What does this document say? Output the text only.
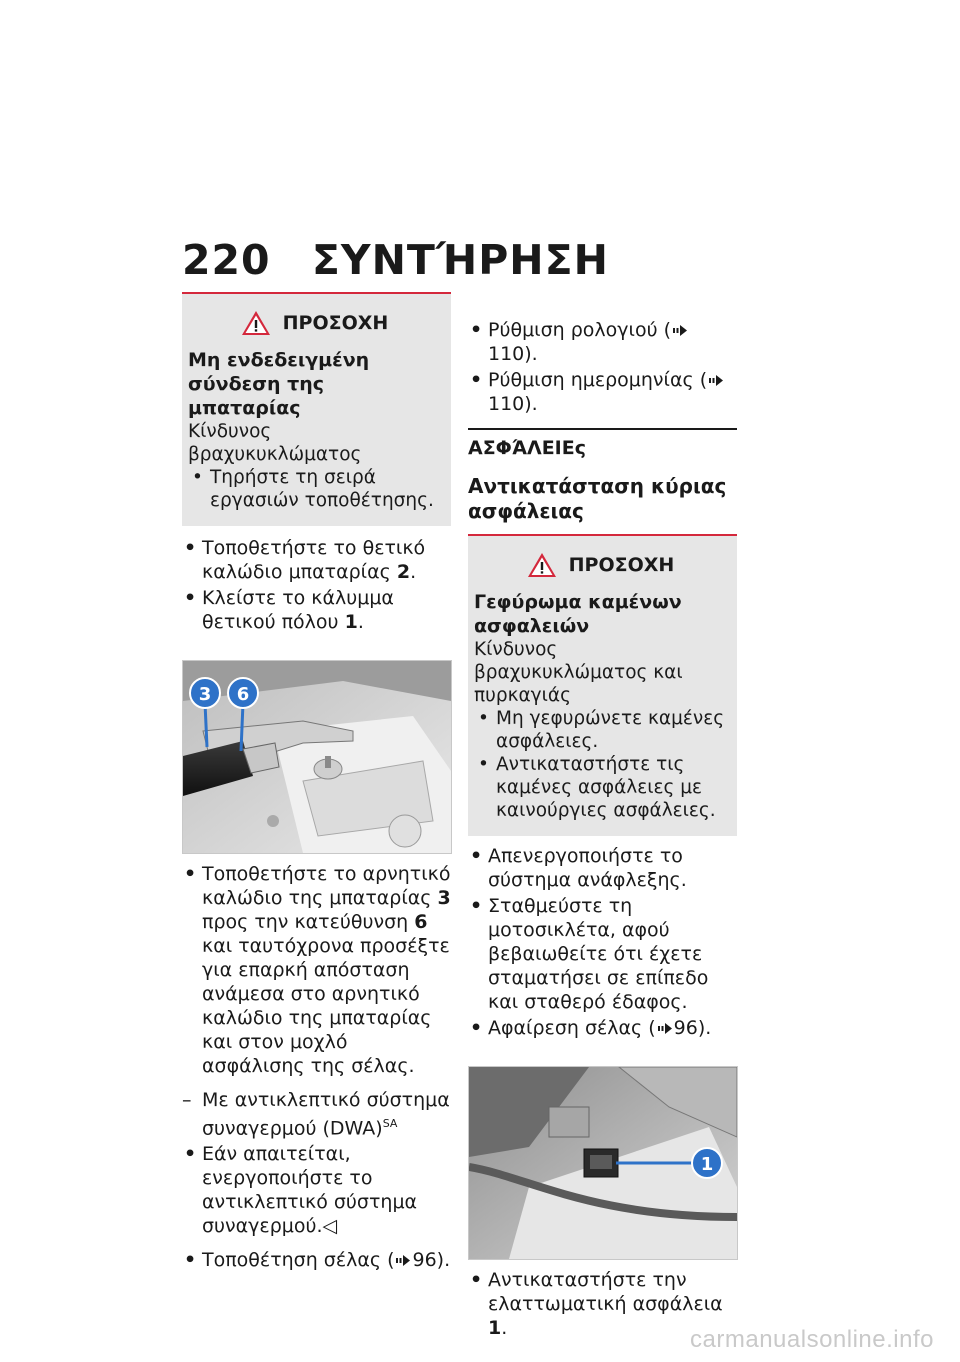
220 ΣΥΝΤΉΡΗΣΗ
ΠΡΟΣΟΧΗ
Μη ενδεδειγμένη σύνδεση της μπαταρίας
Κίνδυνος βραχυκυκλώματος
• Τηρήστε τη σειρά εργασιών τοποθέτησης.
• Τοποθετήστε το θετικό καλώδιο μπαταρίας 2.
• Κλείστε το κάλυμμα θετικού πόλου 1.
3 6
• Τοποθετήστε το αρνητικό καλώδιο της μπαταρίας 3 προς την κατεύθυνση 6 και ταυτόχρονα προσέξτε για επαρκή απόσταση ανάμεσα στο αρνητικό καλώδιο της μπαταρίας και στον μοχλό ασφάλισης της σέλας.
– Με αντικλεπτικό σύστημα συναγερμού (DWA)$^{SA}$
• Εάν απαιτείται, ενεργοποιήστε το αντικλεπτικό σύστημα συναγερμού.◁
• Τοποθέτηση σέλας ( 96).
• Ρύθμιση ρολογιού (110).
• Ρύθμιση ημερομηνίας (110).
ΑΣΦΆΛΕΙΕς
Αντικατάσταση κύριας ασφάλειας
ΠΡΟΣΟΧΗ
Γεφύρωμα καμένων ασφαλειών
Κίνδυνος βραχυκυκλώματος και πυρκαγιάς
• Μη γεφυρώνετε καμένες ασφάλειες.
• Αντικαταστήστε τις καμένες ασφάλειες με καινούργιες ασφάλειες.
• Απενεργοποιήστε το σύστημα ανάφλεξης.
• Σταθμεύστε τη μοτοσικλέτα, αφού βεβαιωθείτε ότι έχετε σταματήσει σε επίπεδο και σταθερό έδαφος.
• Αφαίρεση σέλας ( 96).
1
• Αντικαταστήστε την ελαττωματική ασφάλεια 1.	carmanualsonline.info
